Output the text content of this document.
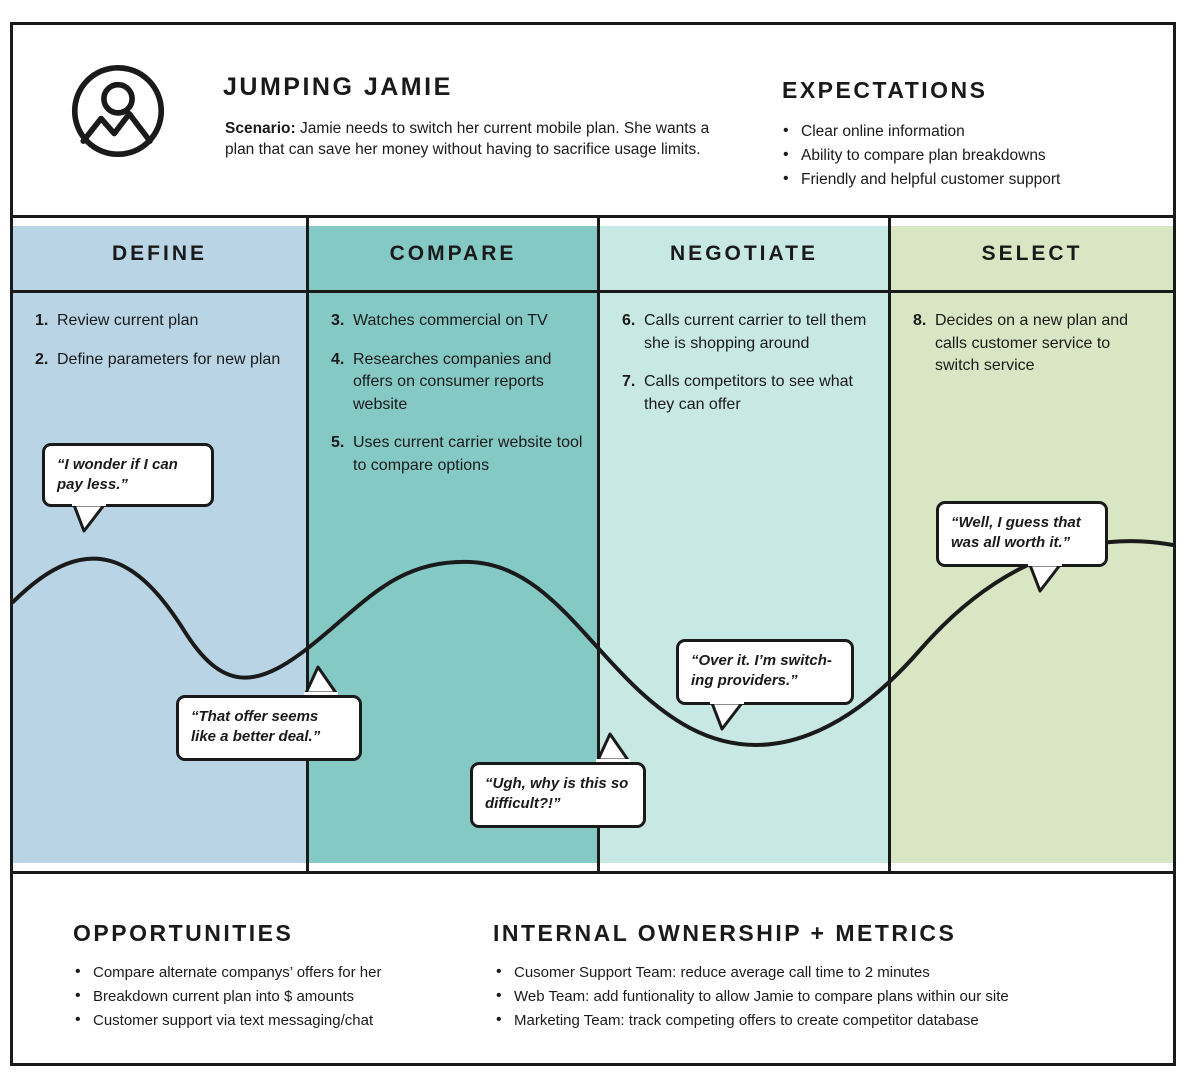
JUMPING JAMIE
Scenario: Jamie needs to switch her current mobile plan. She wants a plan that can save her money without having to sacrifice usage limits.
EXPECTATIONS
• Clear online information
• Ability to compare plan breakdowns
• Friendly and helpful customer support
DEFINE
1. Review current plan
2. Define parameters for new plan
COMPARE
3. Watches commercial on TV
4. Researches companies and offers on consumer reports website
5. Uses current carrier website tool to compare options
NEGOTIATE
6. Calls current carrier to tell them she is shopping around
7. Calls competitors to see what they can offer
SELECT
8. Decides on a new plan and calls customer service to switch service
“I wonder if I can pay less.”
“That offer seems like a better deal.”
“Ugh, why is this so difficult?!”
“Over it. I’m switch-ing providers.”
“Well, I guess that was all worth it.”
OPPORTUNITIES
• Compare alternate companys’ offers for her
• Breakdown current plan into $ amounts
• Customer support via text messaging/chat
INTERNAL OWNERSHIP + METRICS
• Cusomer Support Team: reduce average call time to 2 minutes
• Web Team: add funtionality to allow Jamie to compare plans within our site
• Marketing Team: track competing offers to create competitor database
